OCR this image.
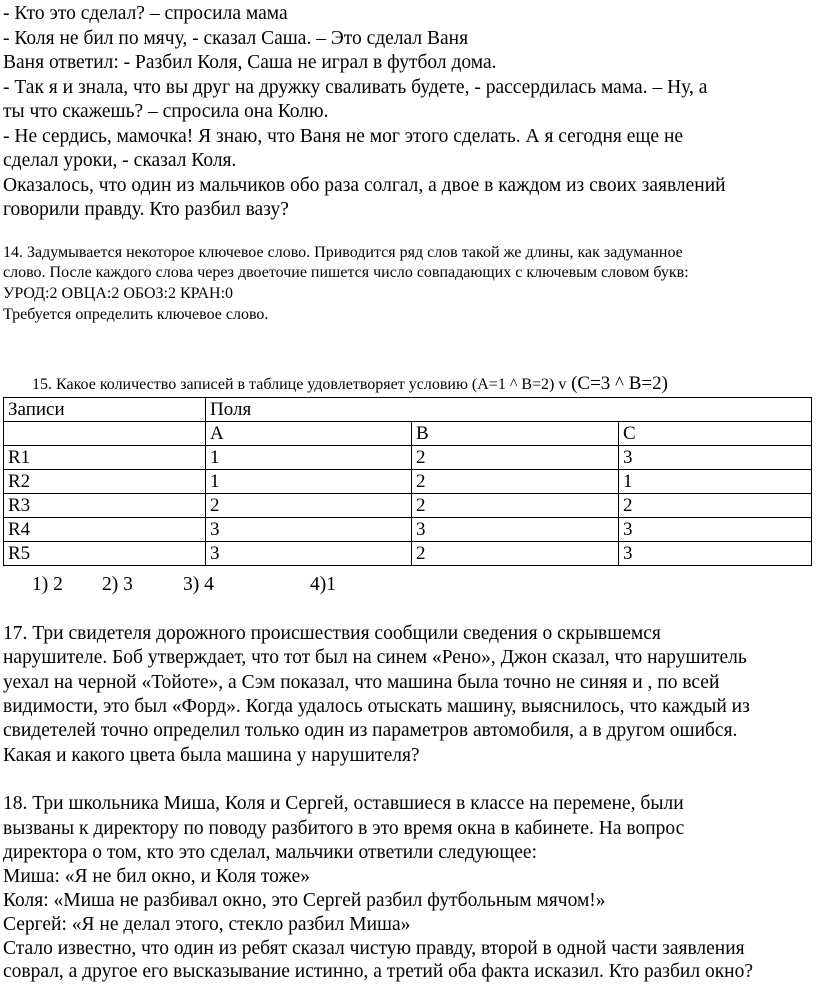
- Кто это сделал? – спросила мама
- Коля не бил по мячу, - сказал Саша. – Это сделал Ваня
Ваня ответил: - Разбил Коля, Саша не играл в футбол дома.
- Так я и знала, что вы друг на дружку сваливать будете, - рассердилась мама. – Ну, а
ты что скажешь? – спросила она Колю.
- Не сердись, мамочка! Я знаю, что Ваня не мог этого сделать. А я сегодня еще не
сделал уроки, - сказал Коля.
Оказалось, что один из мальчиков обо раза солгал, а двое в каждом из своих заявлений
говорили правду. Кто разбил вазу?
14. Задумывается некоторое ключевое слово. Приводится ряд слов такой же длины, как задуманное
слово. После каждого слова через двоеточие пишется число совпадающих с ключевым словом букв:
УРОД:2 ОВЦА:2 ОБОЗ:2 КРАН:0
Требуется определить ключевое слово.
15. Какое количество записей в таблице удовлетворяет условию (A=1 ^ B=2) v (C=3 ^ B=2)
Записи	Поля		
	A	B	C
R1	1	2	3
R2	1	2	1
R3	2	2	2
R4	3	3	3
R5	3	2	3
1) 2 2) 3	3) 4	4)1
17. Три свидетеля дорожного происшествия сообщили сведения о скрывшемся
нарушителе. Боб утверждает, что тот был на синем «Рено», Джон сказал, что нарушитель
уехал на черной «Тойоте», а Сэм показал, что машина была точно не синяя и , по всей
видимости, это был «Форд». Когда удалось отыскать машину, выяснилось, что каждый из
свидетелей точно определил только один из параметров автомобиля, а в другом ошибся.
Какая и какого цвета была машина у нарушителя?
18. Три школьника Миша, Коля и Сергей, оставшиеся в классе на перемене, были
вызваны к директору по поводу разбитого в это время окна в кабинете. На вопрос
директора о том, кто это сделал, мальчики ответили следующее:
Миша: «Я не бил окно, и Коля тоже»
Коля: «Миша не разбивал окно, это Сергей разбил футбольным мячом!»
Сергей: «Я не делал этого, стекло разбил Миша»
Стало известно, что один из ребят сказал чистую правду, второй в одной части заявления
соврал, а другое его высказывание истинно, а третий оба факта исказил. Кто разбил окно?
